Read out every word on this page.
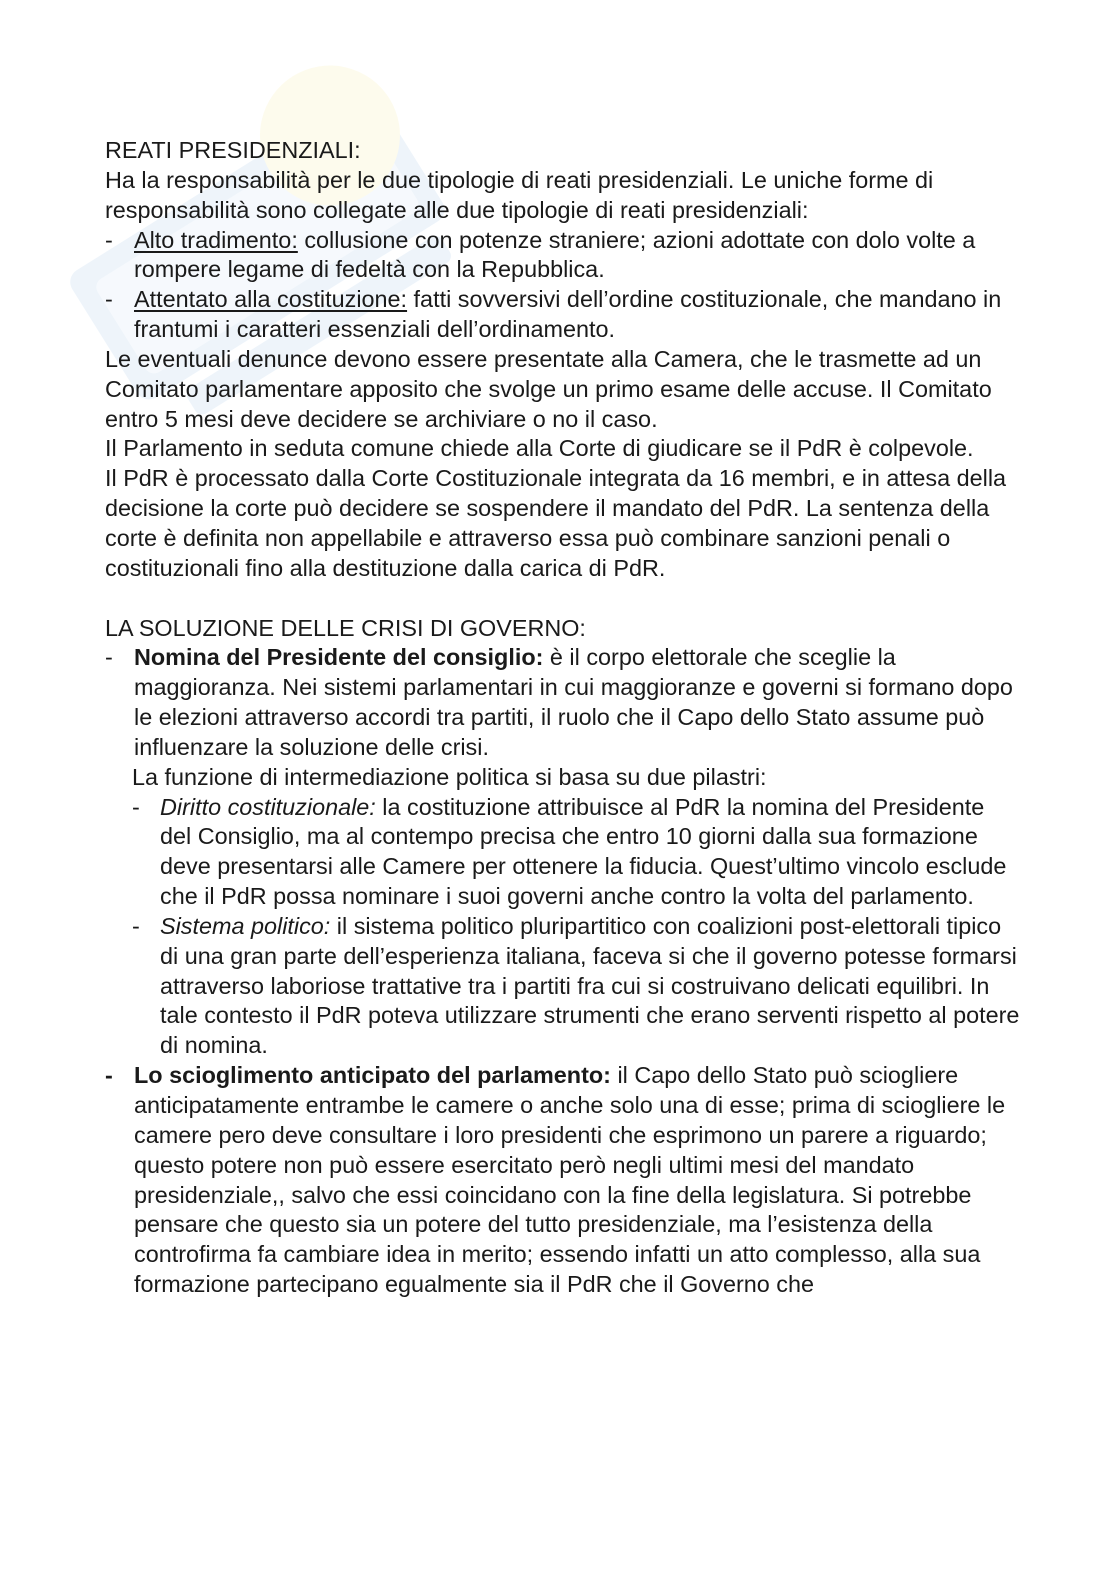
REATI PRESIDENZIALI:

Ha la responsabilità per le due tipologie di reati presidenziali. Le uniche forme di responsabilità sono collegate alle due tipologie di reati presidenziali:

- Alto tradimento: collusione con potenze straniere; azioni adottate con dolo volte a rompere legame di fedeltà con la Repubblica.
- Attentato alla costituzione: fatti sovversivi dell’ordine costituzionale, che mandano in frantumi i caratteri essenziali dell’ordinamento.

Le eventuali denunce devono essere presentate alla Camera, che le trasmette ad un Comitato parlamentare apposito che svolge un primo esame delle accuse. Il Comitato entro 5 mesi deve decidere se archiviare o no il caso.

Il Parlamento in seduta comune chiede alla Corte di giudicare se il PdR è colpevole.

Il PdR è processato dalla Corte Costituzionale integrata da 16 membri, e in attesa della decisione la corte può decidere se sospendere il mandato del PdR. La sentenza della corte è definita non appellabile e attraverso essa può combinare sanzioni penali o costituzionali fino alla destituzione dalla carica di PdR.

LA SOLUZIONE DELLE CRISI DI GOVERNO:

- Nomina del Presidente del consiglio: è il corpo elettorale che sceglie la maggioranza. Nei sistemi parlamentari in cui maggioranze e governi si formano dopo le elezioni attraverso accordi tra partiti, il ruolo che il Capo dello Stato assume può influenzare la soluzione delle crisi.

La funzione di intermediazione politica si basa su due pilastri:

- Diritto costituzionale: la costituzione attribuisce al PdR la nomina del Presidente del Consiglio, ma al contempo precisa che entro 10 giorni dalla sua formazione deve presentarsi alle Camere per ottenere la fiducia. Quest’ultimo vincolo esclude che il PdR possa nominare i suoi governi anche contro la volta del parlamento.
- Sistema politico: il sistema politico pluripartitico con coalizioni post-elettorali tipico di una gran parte dell’esperienza italiana, faceva si che il governo potesse formarsi attraverso laboriose trattative tra i partiti fra cui si costruivano delicati equilibri. In tale contesto il PdR poteva utilizzare strumenti che erano serventi rispetto al potere di nomina.
- Lo scioglimento anticipato del parlamento: il Capo dello Stato può sciogliere anticipatamente entrambe le camere o anche solo una di esse; prima di sciogliere le camere pero deve consultare i loro presidenti che esprimono un parere a riguardo; questo potere non può essere esercitato però negli ultimi mesi del mandato presidenziale,, salvo che essi coincidano con la fine della legislatura. Si potrebbe pensare che questo sia un potere del tutto presidenziale, ma l’esistenza della controfirma fa cambiare idea in merito; essendo infatti un atto complesso, alla sua formazione partecipano egualmente sia il PdR che il Governo che
